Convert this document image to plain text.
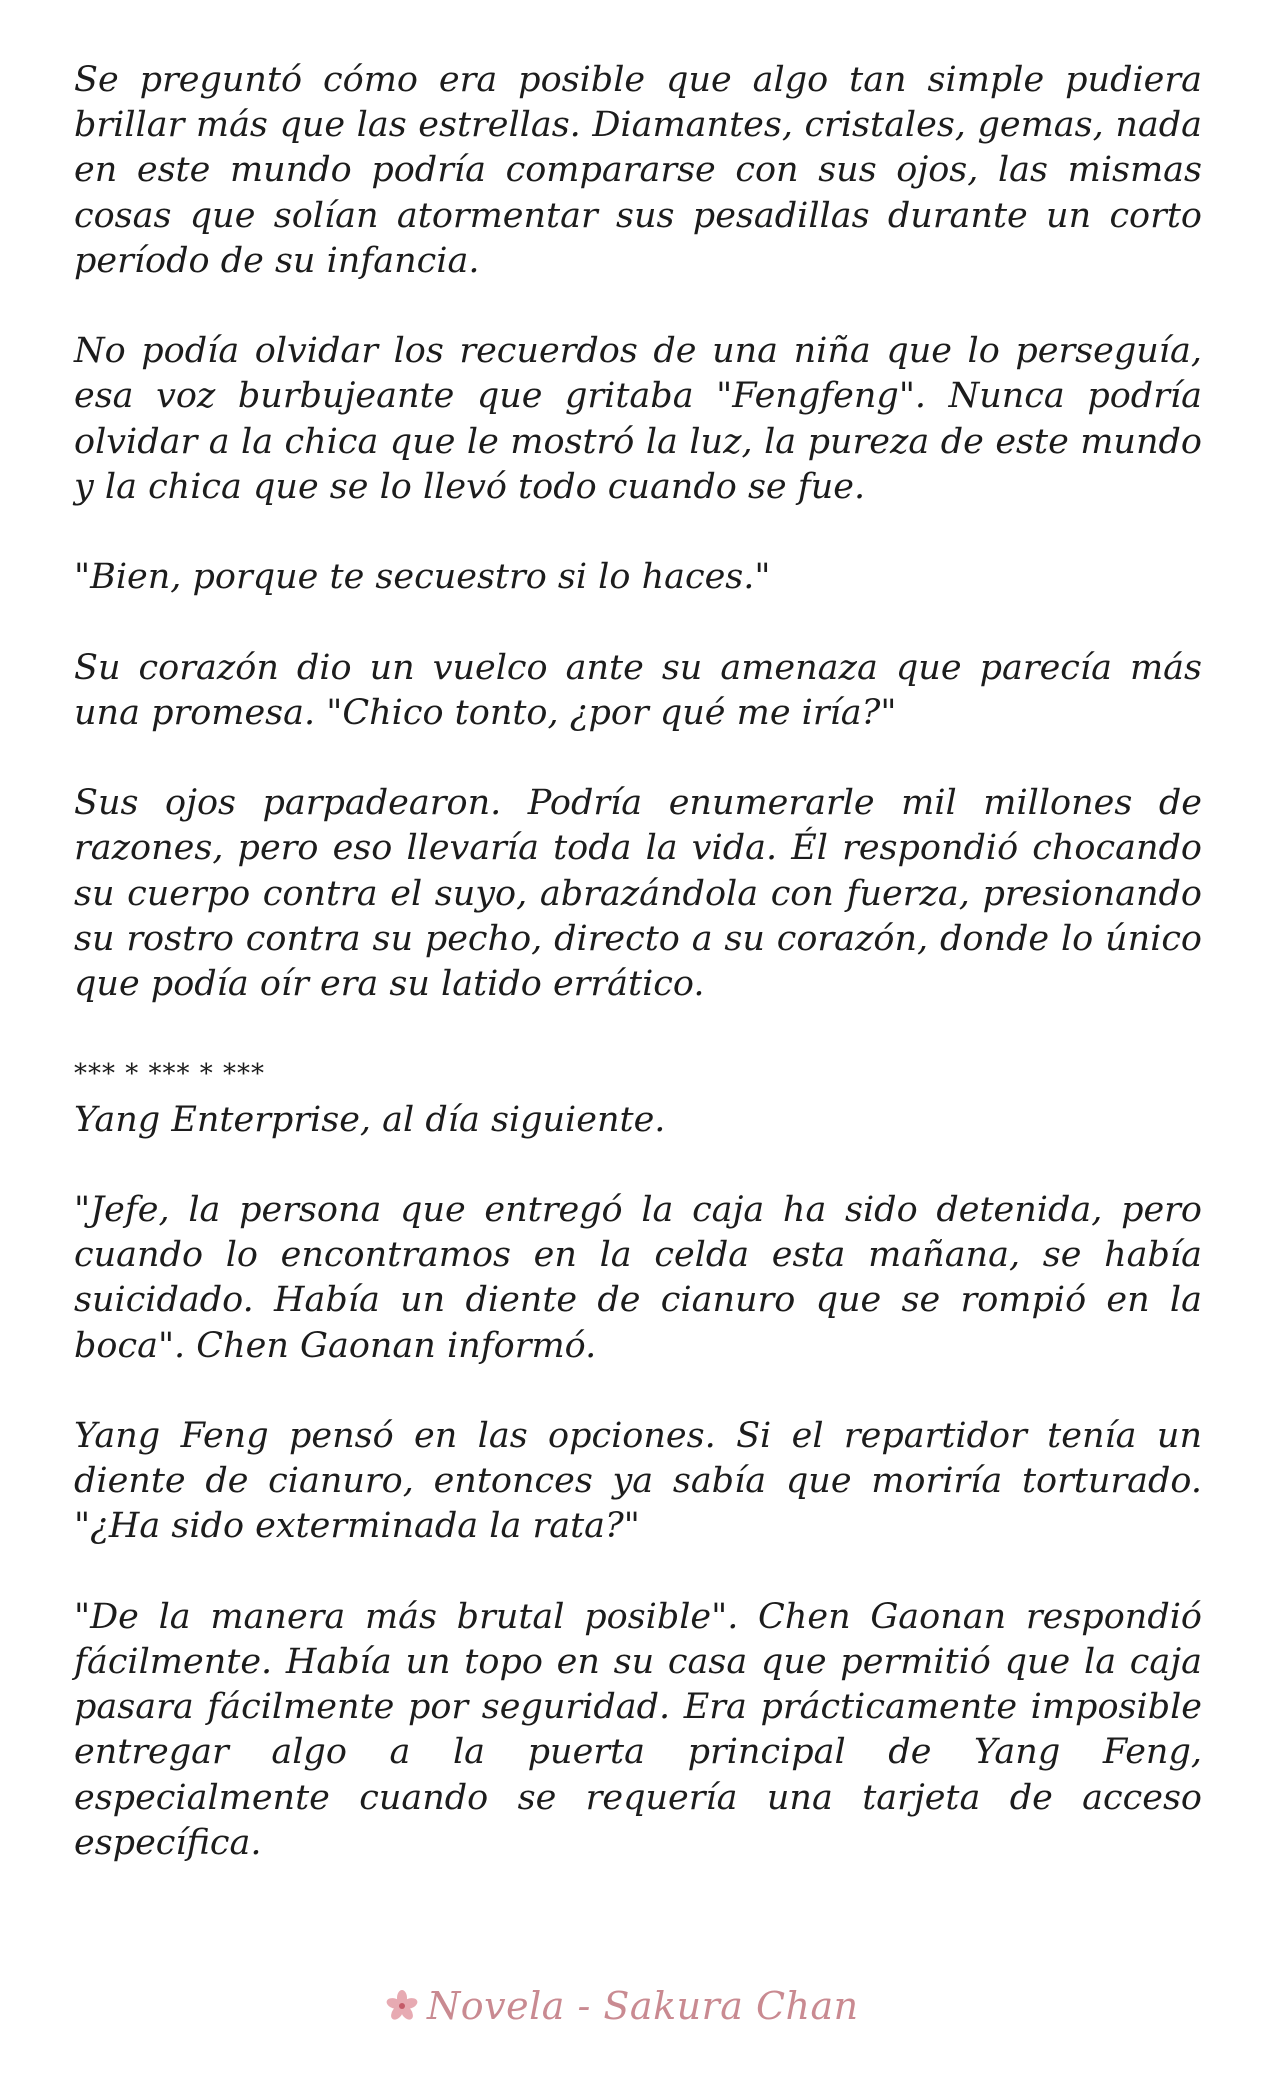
Se preguntó cómo era posible que algo tan simple pudiera brillar más que las estrellas. Diamantes, cristales, gemas, nada en este mundo podría compararse con sus ojos, las mismas cosas que solían atormentar sus pesadillas durante un corto período de su infancia.

No podía olvidar los recuerdos de una niña que lo perseguía, esa voz burbujeante que gritaba "Fengfeng". Nunca podría olvidar a la chica que le mostró la luz, la pureza de este mundo y la chica que se lo llevó todo cuando se fue.

"Bien, porque te secuestro si lo haces."

Su corazón dio un vuelco ante su amenaza que parecía más una promesa. "Chico tonto, ¿por qué me iría?"

Sus ojos parpadearon. Podría enumerarle mil millones de razones, pero eso llevaría toda la vida. Él respondió chocando su cuerpo contra el suyo, abrazándola con fuerza, presionando su rostro contra su pecho, directo a su corazón, donde lo único que podía oír era su latido errático.

*** * *** * ***

Yang Enterprise, al día siguiente.

"Jefe, la persona que entregó la caja ha sido detenida, pero cuando lo encontramos en la celda esta mañana, se había suicidado. Había un diente de cianuro que se rompió en la boca". Chen Gaonan informó.

Yang Feng pensó en las opciones. Si el repartidor tenía un diente de cianuro, entonces ya sabía que moriría torturado. "¿Ha sido exterminada la rata?"

"De la manera más brutal posible". Chen Gaonan respondió fácilmente. Había un topo en su casa que permitió que la caja pasara fácilmente por seguridad. Era prácticamente imposible entregar algo a la puerta principal de Yang Feng, especialmente cuando se requería una tarjeta de acceso específica.

Novela - Sakura Chan
